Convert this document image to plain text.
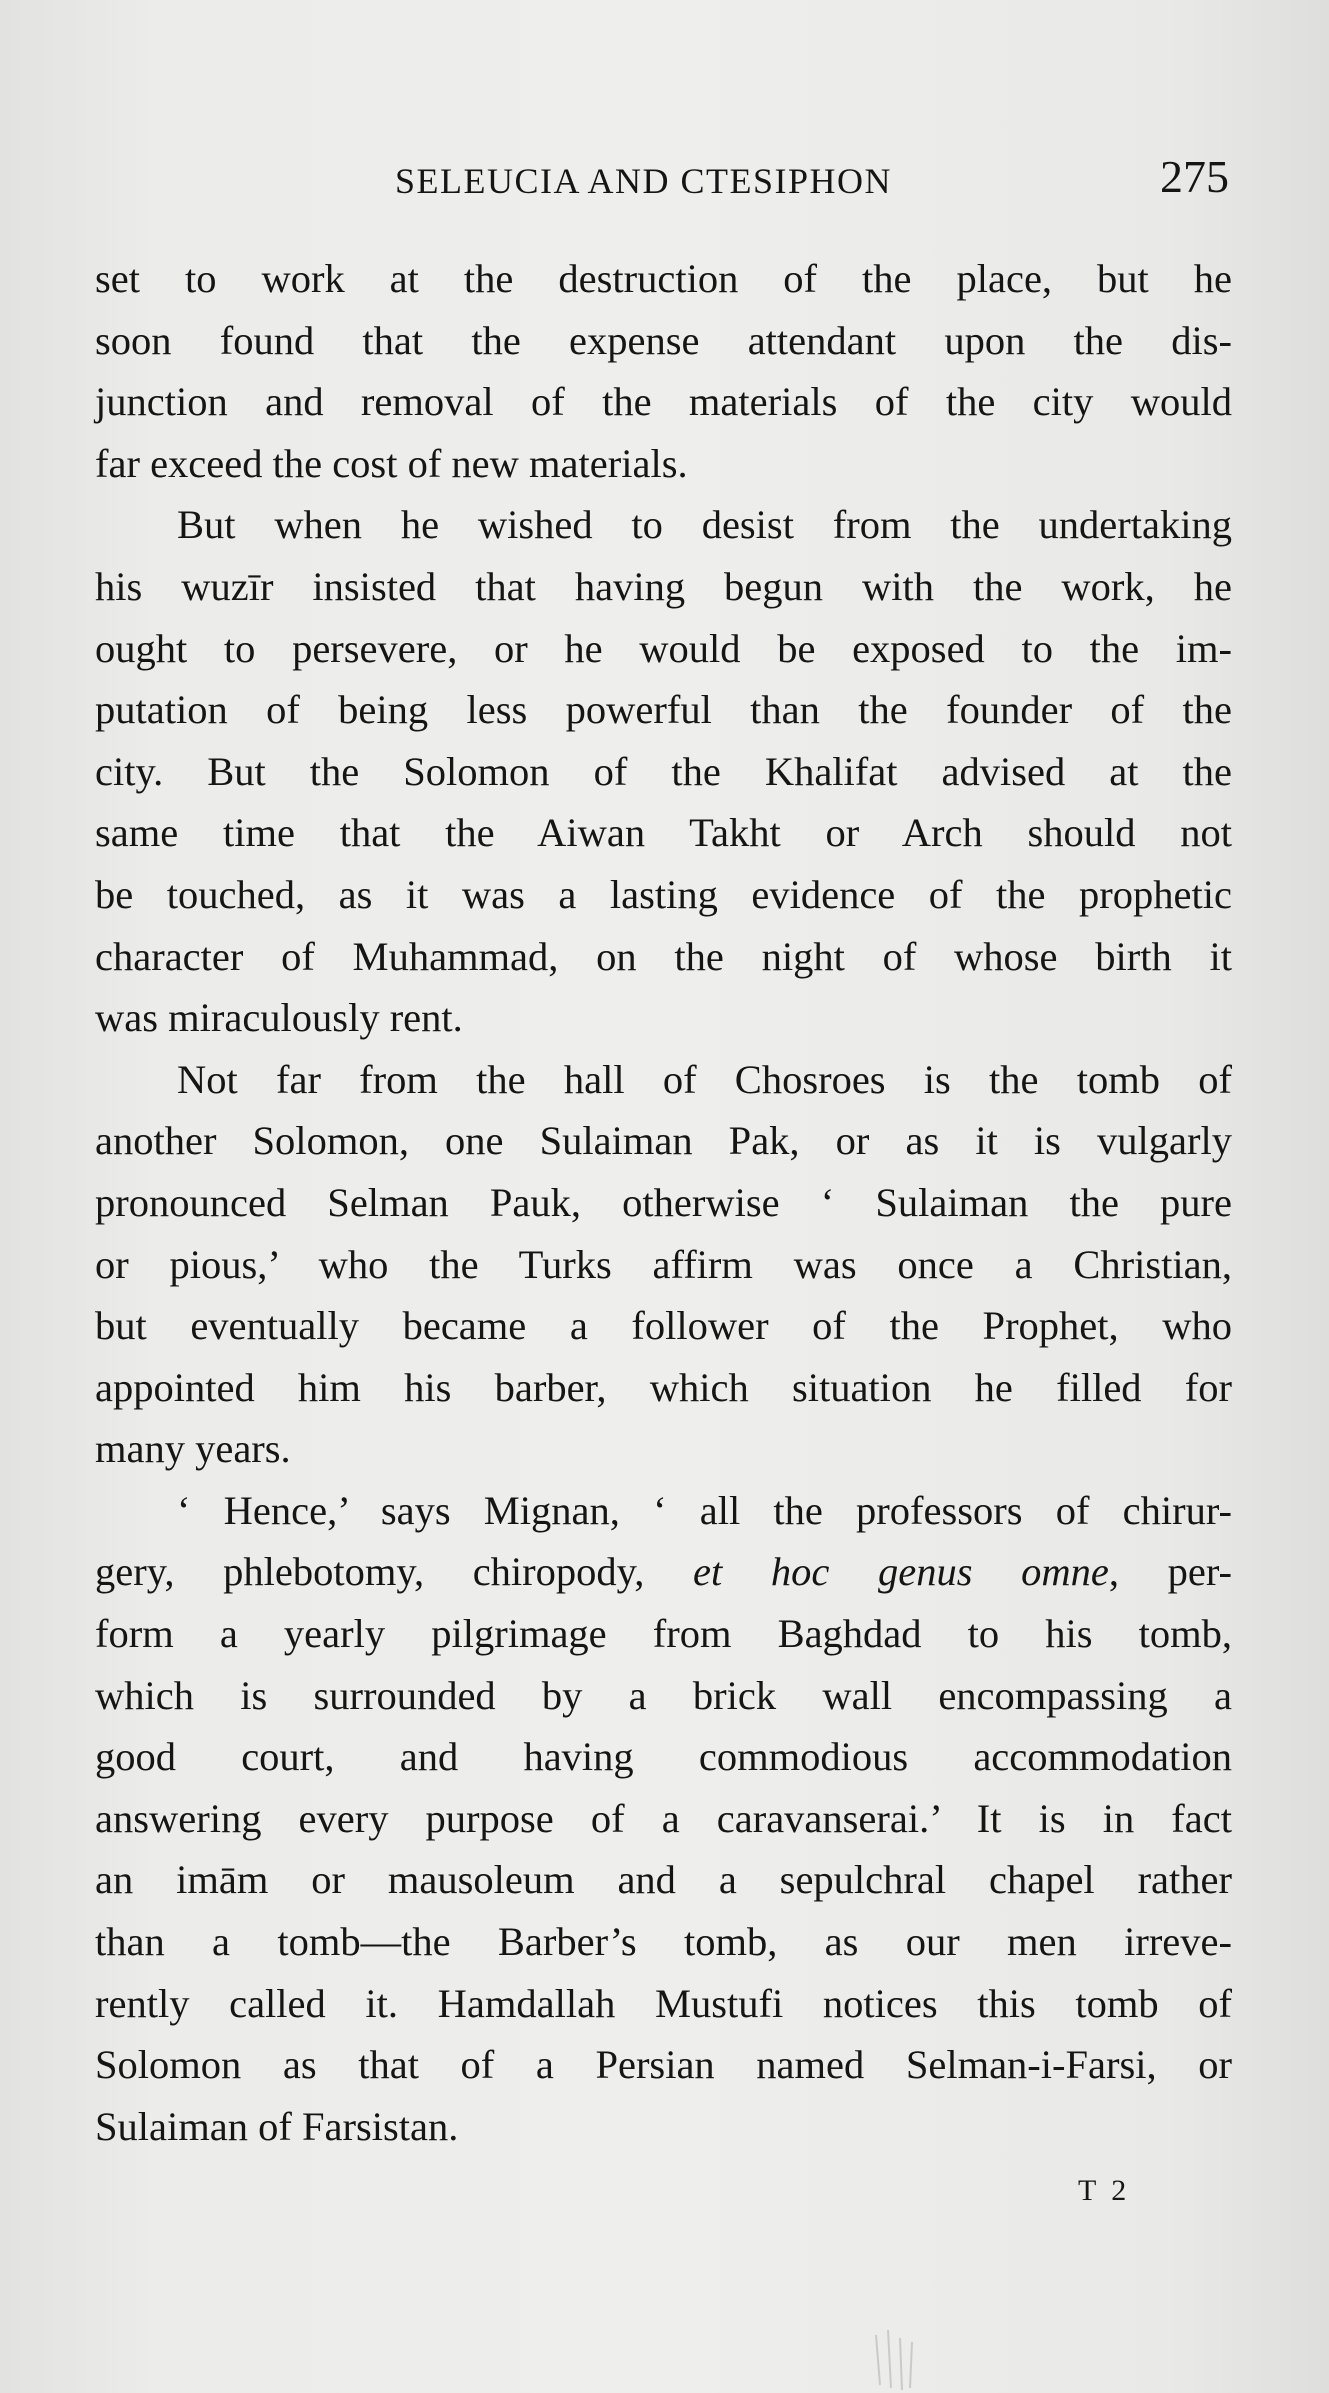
SELEUCIA AND CTESIPHON	275
set to work at the destruction of the place, but he
soon found that the expense attendant upon the dis-
junction and removal of the materials of the city would
far exceed the cost of new materials.
But when he wished to desist from the undertaking
his wuzīr insisted that having begun with the work, he
ought to persevere, or he would be exposed to the im-
putation of being less powerful than the founder of the
city. But the Solomon of the Khalifat advised at the
same time that the Aiwan Takht or Arch should not
be touched, as it was a lasting evidence of the prophetic
character of Muhammad, on the night of whose birth it
was miraculously rent.
Not far from the hall of Chosroes is the tomb of
another Solomon, one Sulaiman Pak, or as it is vulgarly
pronounced Selman Pauk, otherwise ‘ Sulaiman the pure
or pious,’ who the Turks affirm was once a Christian,
but eventually became a follower of the Prophet, who
appointed him his barber, which situation he filled for
many years.
‘ Hence,’ says Mignan, ‘ all the professors of chirur-
gery, phlebotomy, chiropody, et hoc genus omne, per-
form a yearly pilgrimage from Baghdad to his tomb,
which is surrounded by a brick wall encompassing a
good court, and having commodious accommodation
answering every purpose of a caravanserai.’ It is in fact
an imām or mausoleum and a sepulchral chapel rather
than a tomb—the Barber’s tomb, as our men irreve-
rently called it. Hamdallah Mustufi notices this tomb of
Solomon as that of a Persian named Selman-i-Farsi, or
Sulaiman of Farsistan.
T 2
